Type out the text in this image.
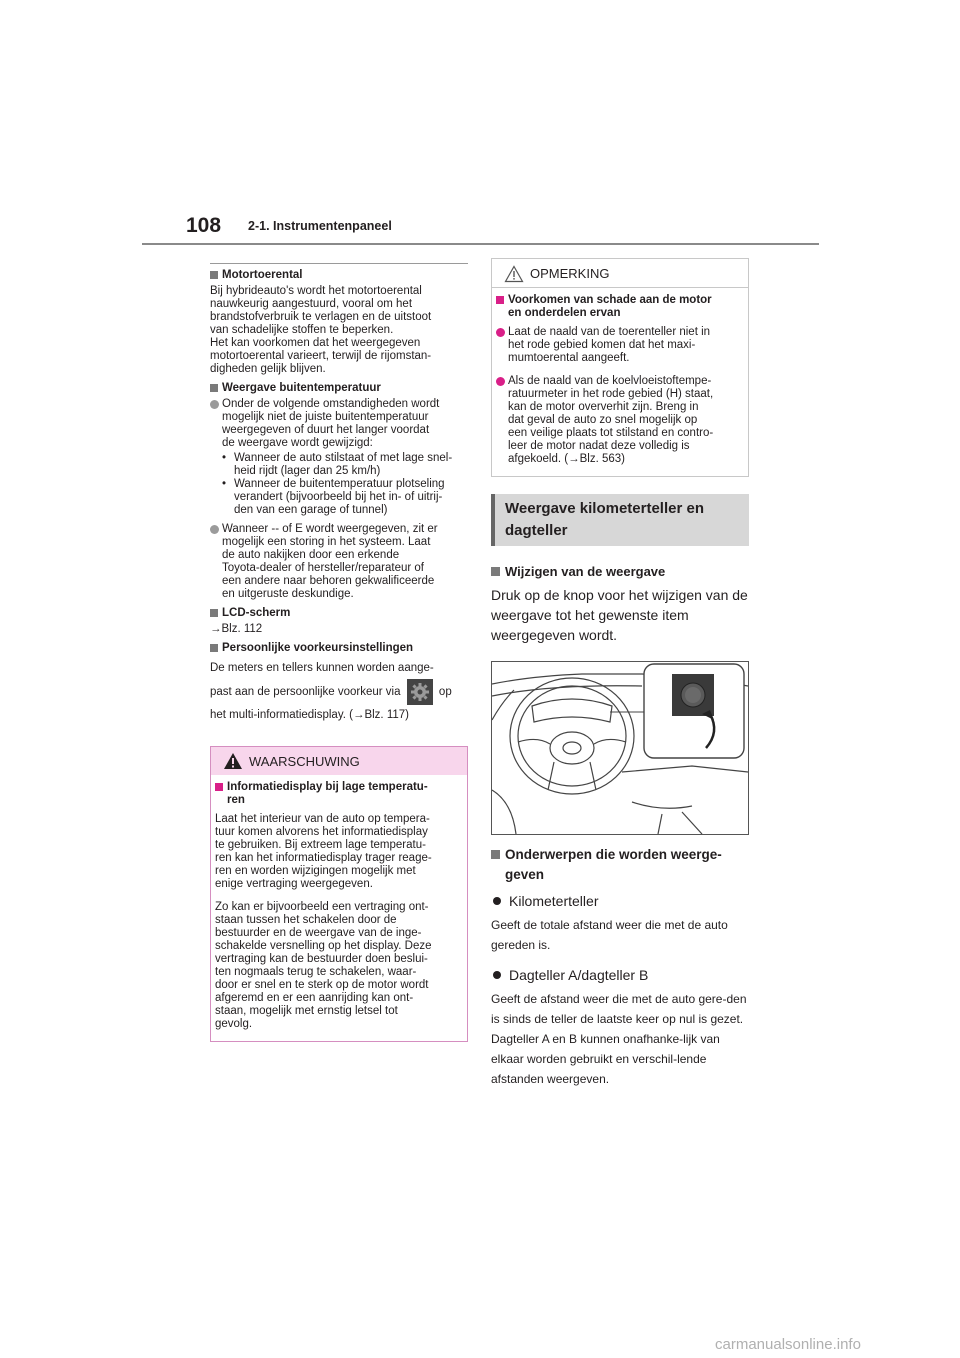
108 2-1. Instrumentenpaneel
Motortoerental
Bij hybrideauto's wordt het motortoerental
nauwkeurig aangestuurd, vooral om het
brandstofverbruik te verlagen en de uitstoot
van schadelijke stoffen te beperken.
Het kan voorkomen dat het weergegeven
motortoerental varieert, terwijl de rijomstan-
digheden gelijk blijven.
Weergave buitentemperatuur
Onder de volgende omstandigheden wordt
mogelijk niet de juiste buitentemperatuur
weergegeven of duurt het langer voordat
de weergave wordt gewijzigd:
• Wanneer de auto stilstaat of met lage snel-
heid rijdt (lager dan 25 km/h)
• Wanneer de buitentemperatuur plotseling
verandert (bijvoorbeeld bij het in- of uitrij-
den van een garage of tunnel)
Wanneer -- of E wordt weergegeven, zit er
mogelijk een storing in het systeem. Laat
de auto nakijken door een erkende
Toyota-dealer of hersteller/reparateur of
een andere naar behoren gekwalificeerde
en uitgeruste deskundige.
LCD-scherm
→Blz. 112
Persoonlijke voorkeursinstellingen
De meters en tellers kunnen worden aange-
past aan de persoonlijke voorkeur via	op
het multi-informatiedisplay. (→Blz. 117)
WAARSCHUWING
Informatiedisplay bij lage temperatu-
ren
Laat het interieur van de auto op tempera-
tuur komen alvorens het informatiedisplay
te gebruiken. Bij extreem lage temperatu-
ren kan het informatiedisplay trager reage-
ren en worden wijzigingen mogelijk met
enige vertraging weergegeven.
Zo kan er bijvoorbeeld een vertraging ont-
staan tussen het schakelen door de
bestuurder en de weergave van de inge-
schakelde versnelling op het display. Deze
vertraging kan de bestuurder doen beslui-
ten nogmaals terug te schakelen, waar-
door er snel en te sterk op de motor wordt
afgeremd en er een aanrijding kan ont-
staan, mogelijk met ernstig letsel tot
gevolg.
OPMERKING
Voorkomen van schade aan de motor
en onderdelen ervan
Laat de naald van de toerenteller niet in
het rode gebied komen dat het maxi-
mumtoerental aangeeft.
Als de naald van de koelvloeistoftempe-
ratuurmeter in het rode gebied (H) staat,
kan de motor oververhit zijn. Breng in
dat geval de auto zo snel mogelijk op
een veilige plaats tot stilstand en contro-
leer de motor nadat deze volledig is
afgekoeld. (→Blz. 563)
Weergave kilometerteller en dagteller
Wijzigen van de weergave
Druk op de knop voor het wijzigen van de weergave tot het gewenste item weergegeven wordt.
Onderwerpen die worden weerge-
geven
Kilometerteller
Geeft de totale afstand weer die met de auto gereden is.
Dagteller A/dagteller B
Geeft de afstand weer die met de auto gere-den is sinds de teller de laatste keer op nul is gezet. Dagteller A en B kunnen onafhanke-lijk van elkaar worden gebruikt en verschil-lende afstanden weergeven.
carmanualsonline.info
